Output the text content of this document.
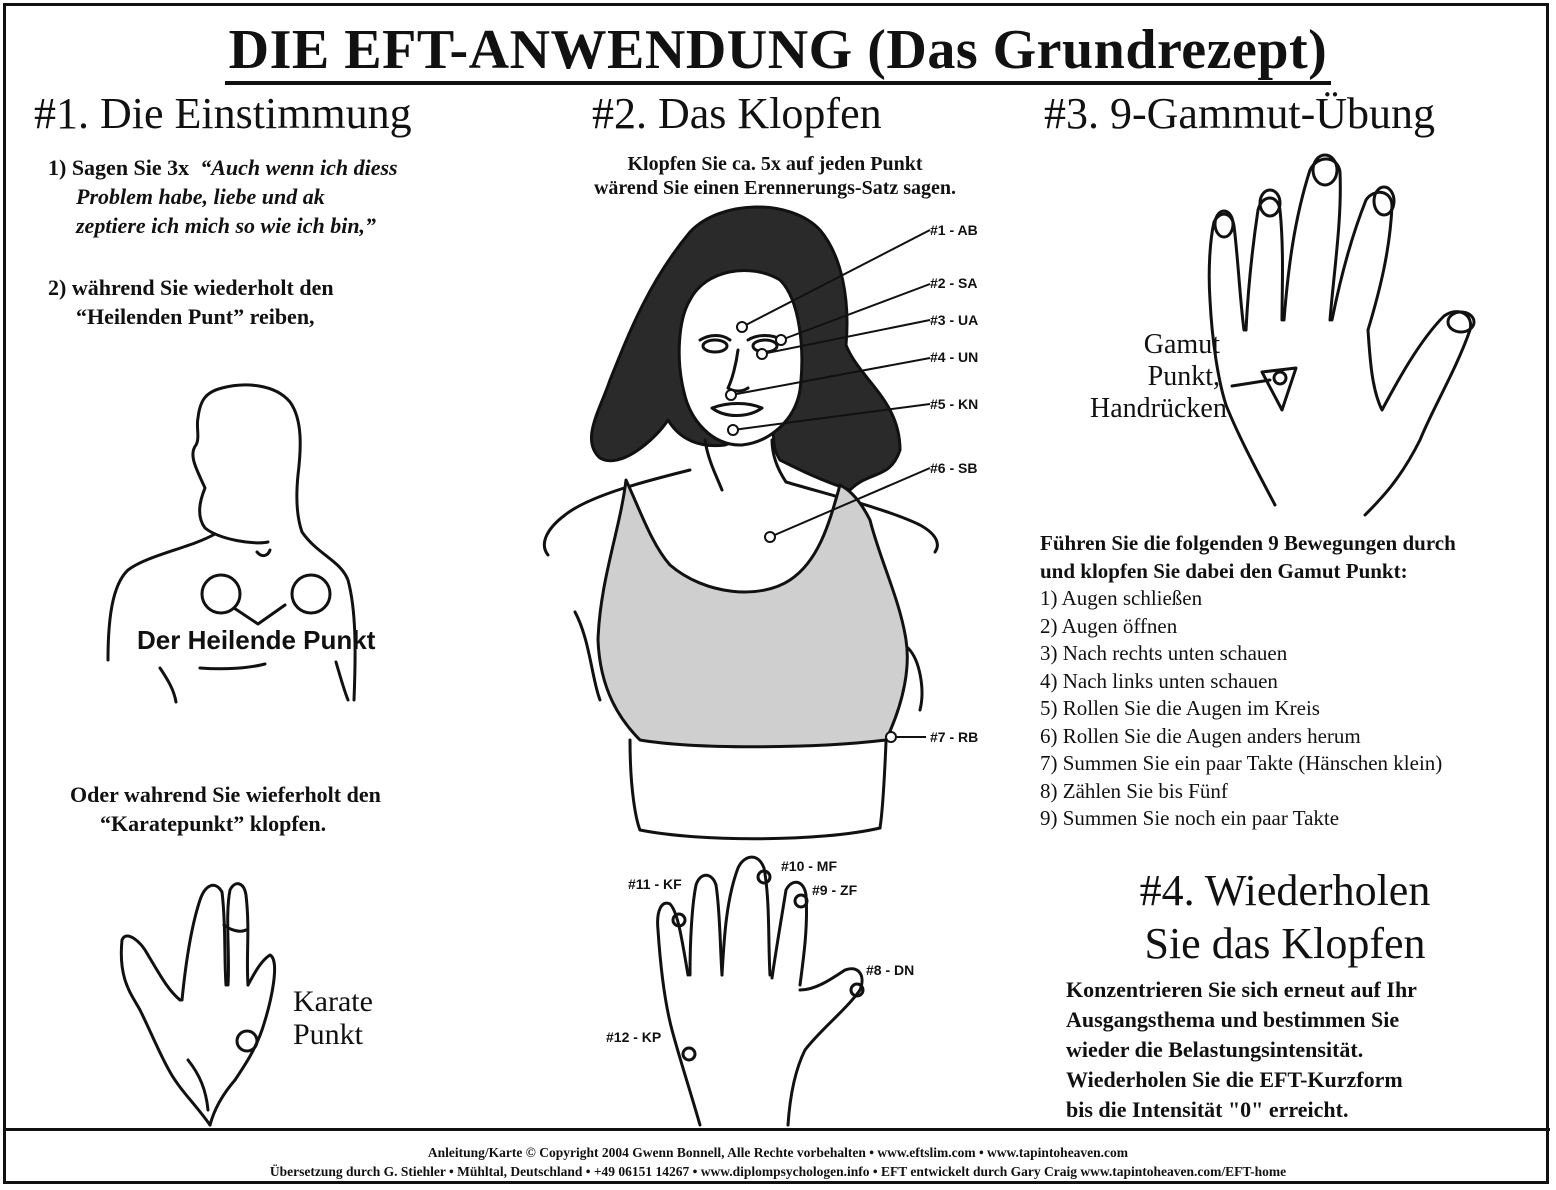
DIE EFT-ANWENDUNG (Das Grundrezept)
#1. Die Einstimmung	#2. Das Klopfen	#3. 9-Gammut-Übung
1) Sagen Sie 3x “Auch wenn ich diess
Problem habe, liebe und ak
zeptiere ich mich so wie ich bin,”
2) während Sie wiederholt den
“Heilenden Punt” reiben,
Der Heilende Punkt
Oder wahrend Sie wieferholt den
“Karatepunkt” klopfen.
Karate
Punkt
Klopfen Sie ca. 5x auf jeden Punkt
wärend Sie einen Erennerungs-Satz sagen.
#1 - AB
#2 - SA
#3 - UA
#4 - UN
#5 - KN
#6 - SB
#7 - RB
#10 - MF
#11 - KF	#9 - ZF
#8 - DN
#12 - KP
Gamut
Punkt,
Handrücken
Führen Sie die folgenden 9 Bewegungen durch
und klopfen Sie dabei den Gamut Punkt:
1) Augen schließen
2) Augen öffnen
3) Nach rechts unten schauen
4) Nach links unten schauen
5) Rollen Sie die Augen im Kreis
6) Rollen Sie die Augen anders herum
7) Summen Sie ein paar Takte (Hänschen klein)
8) Zählen Sie bis Fünf
9) Summen Sie noch ein paar Takte
#4. Wiederholen
Sie das Klopfen
Konzentrieren Sie sich erneut auf Ihr
Ausgangsthema und bestimmen Sie
wieder die Belastungsintensität.
Wiederholen Sie die EFT-Kurzform
bis die Intensität "0" erreicht.
Anleitung/Karte © Copyright 2004 Gwenn Bonnell, Alle Rechte vorbehalten • www.eftslim.com • www.tapintoheaven.com
Übersetzung durch G. Stiehler • Mühltal, Deutschland • +49 06151 14267 • www.diplompsychologen.info • EFT entwickelt durch Gary Craig www.tapintoheaven.com/EFT-home
